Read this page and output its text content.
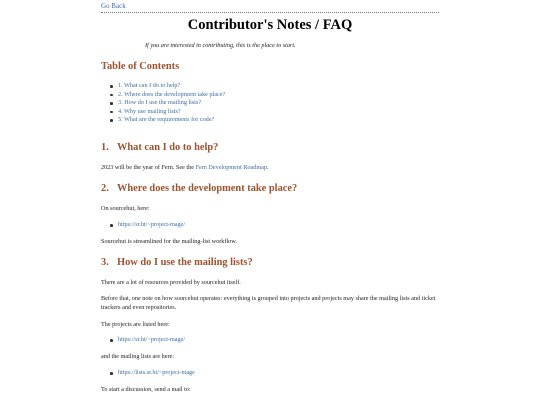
Go Back
Contributor's Notes / FAQ

If you are interested in contributing, this is the place to start.

Table of Contents
1. What can I do to help?
2. Where does the development take place?
3. How do I use the mailing lists?
4. Why use mailing lists?
5. What are the requirements for code?
1. What can I do to help?

2023 will be the year of Fern. See the Fern Development Roadmap.

2. Where does the development take place?

On sourcehut, here:

https://sr.ht/~project-mage/

Sourcehut is streamlined for the mailing-list workflow.

3. How do I use the mailing lists?

There are a lot of resources provided by sourcehut itself.

Before that, one note on how sourcehut operates: everything is grouped into projects and projects may share the mailing lists and ticket trackers and even repositories.

The projects are listed here:

https://sr.ht/~project-mage/

and the mailing lists are here:

https://lists.sr.ht/~project-mage

To start a discussion, send a mail to:
